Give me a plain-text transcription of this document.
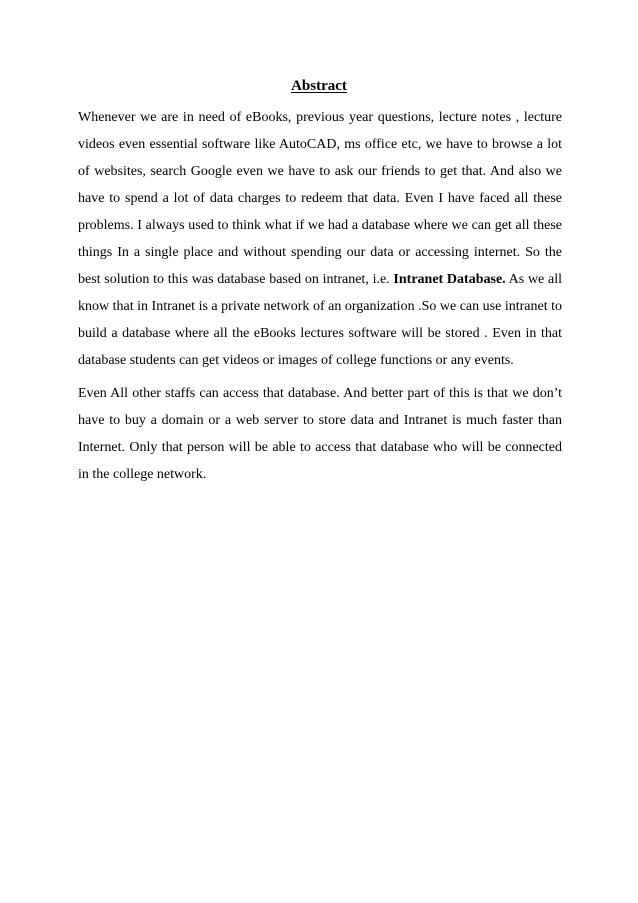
Abstract

Whenever we are in need of eBooks, previous year questions, lecture notes , lecture videos even essential software like AutoCAD, ms office etc, we have to browse a lot of websites, search Google even we have to ask our friends to get that. And also we have to spend a lot of data charges to redeem that data. Even I have faced all these problems. I always used to think what if we had a database where we can get all these things In a single place and without spending our data or accessing internet. So the best solution to this was database based on intranet, i.e. Intranet Database. As we all know that in Intranet is a private network of an organization .So we can use intranet to build a database where all the eBooks lectures software will be stored . Even in that database students can get videos or images of college functions or any events.

Even All other staffs can access that database. And better part of this is that we don’t have to buy a domain or a web server to store data and Intranet is much faster than Internet. Only that person will be able to access that database who will be connected in the college network.
